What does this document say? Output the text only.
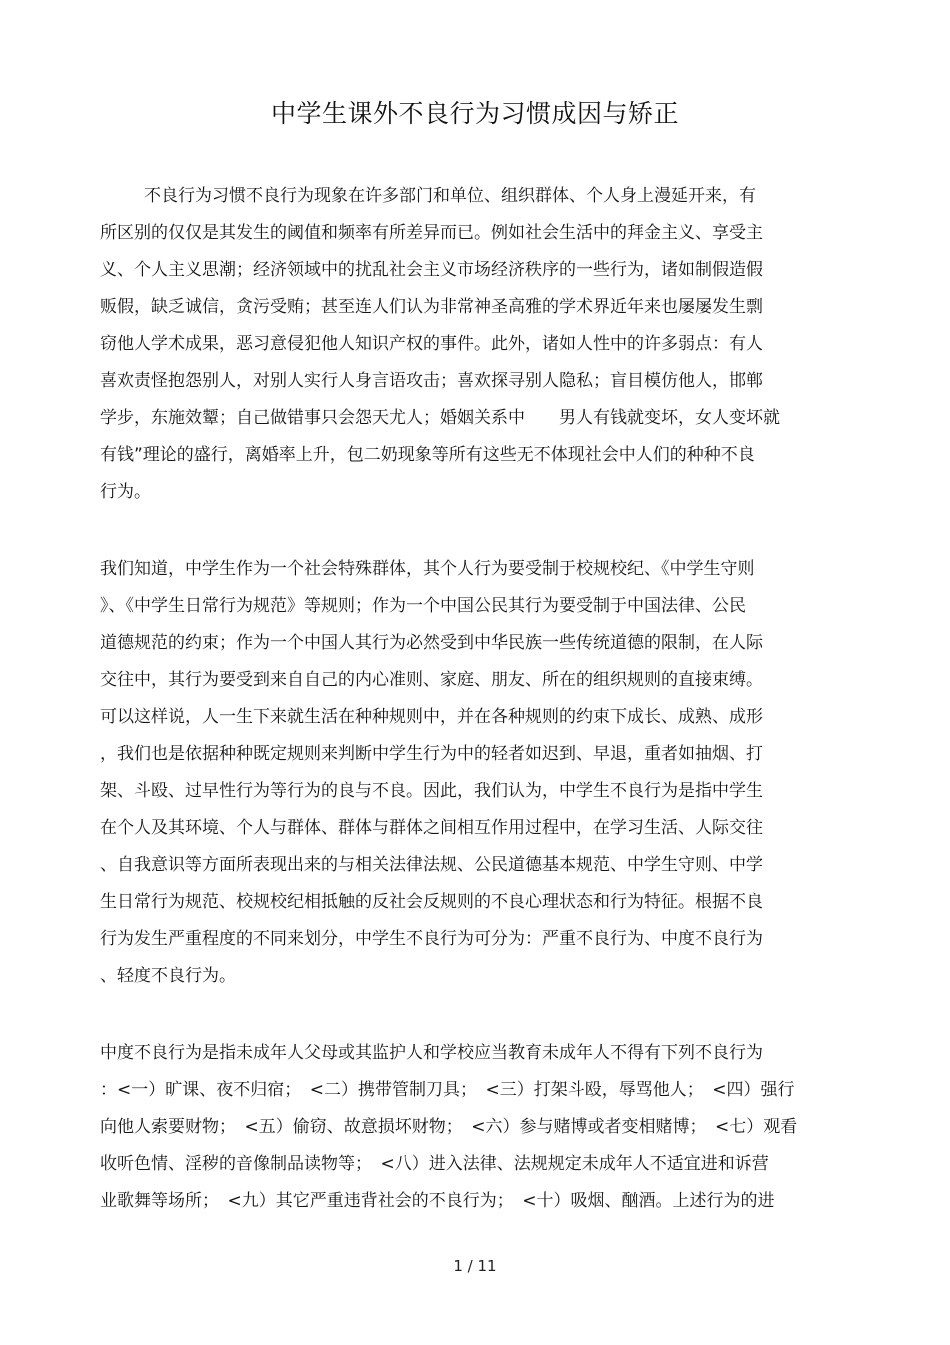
中学生课外不良行为习惯成因与矫正
不良行为习惯不良行为现象在许多部门和单位、组织群体、个人身上漫延开来，有
所区别的仅仅是其发生的阈值和频率有所差异而已。例如社会生活中的拜金主义、享受主
义、个人主义思潮；经济领域中的扰乱社会主义市场经济秩序的一些行为，诸如制假造假
贩假，缺乏诚信，贪污受贿；甚至连人们认为非常神圣高雅的学术界近年来也屡屡发生剽
窃他人学术成果，恶习意侵犯他人知识产权的事件。此外，诸如人性中的许多弱点：有人
喜欢责怪抱怨别人，对别人实行人身言语攻击；喜欢探寻别人隐私；盲目模仿他人，邯郸
学步，东施效颦；自己做错事只会怨天尤人；婚姻关系中　　男人有钱就变坏，女人变坏就
有钱”理论的盛行，离婚率上升，包二奶现象等所有这些无不体现社会中人们的种种不良
行为。
我们知道，中学生作为一个社会特殊群体，其个人行为要受制于校规校纪、《中学生守则
》、《中学生日常行为规范》等规则；作为一个中国公民其行为要受制于中国法律、公民
道德规范的约束；作为一个中国人其行为必然受到中华民族一些传统道德的限制，在人际
交往中，其行为要受到来自自己的内心准则、家庭、朋友、所在的组织规则的直接束缚。
可以这样说，人一生下来就生活在种种规则中，并在各种规则的约束下成长、成熟、成形
，我们也是依据种种既定规则来判断中学生行为中的轻者如迟到、早退，重者如抽烟、打
架、斗殴、过早性行为等行为的良与不良。因此，我们认为，中学生不良行为是指中学生
在个人及其环境、个人与群体、群体与群体之间相互作用过程中，在学习生活、人际交往
、自我意识等方面所表现出来的与相关法律法规、公民道德基本规范、中学生守则、中学
生日常行为规范、校规校纪相抵触的反社会反规则的不良心理状态和行为特征。根据不良
行为发生严重程度的不同来划分，中学生不良行为可分为：严重不良行为、中度不良行为
、轻度不良行为。
中度不良行为是指未成年人父母或其监护人和学校应当教育未成年人不得有下列不良行为
：<一）旷课、夜不归宿；　<二）携带管制刀具；　<三）打架斗殴，辱骂他人；　<四）强行
向他人索要财物；　<五）偷窃、故意损坏财物；　<六）参与赌博或者变相赌博；　<七）观看
收听色情、淫秽的音像制品读物等；　<八）进入法律、法规规定未成年人不适宜进和诉营
业歌舞等场所；　<九）其它严重违背社会的不良行为；　<十）吸烟、酗酒。上述行为的进
1 / 11
